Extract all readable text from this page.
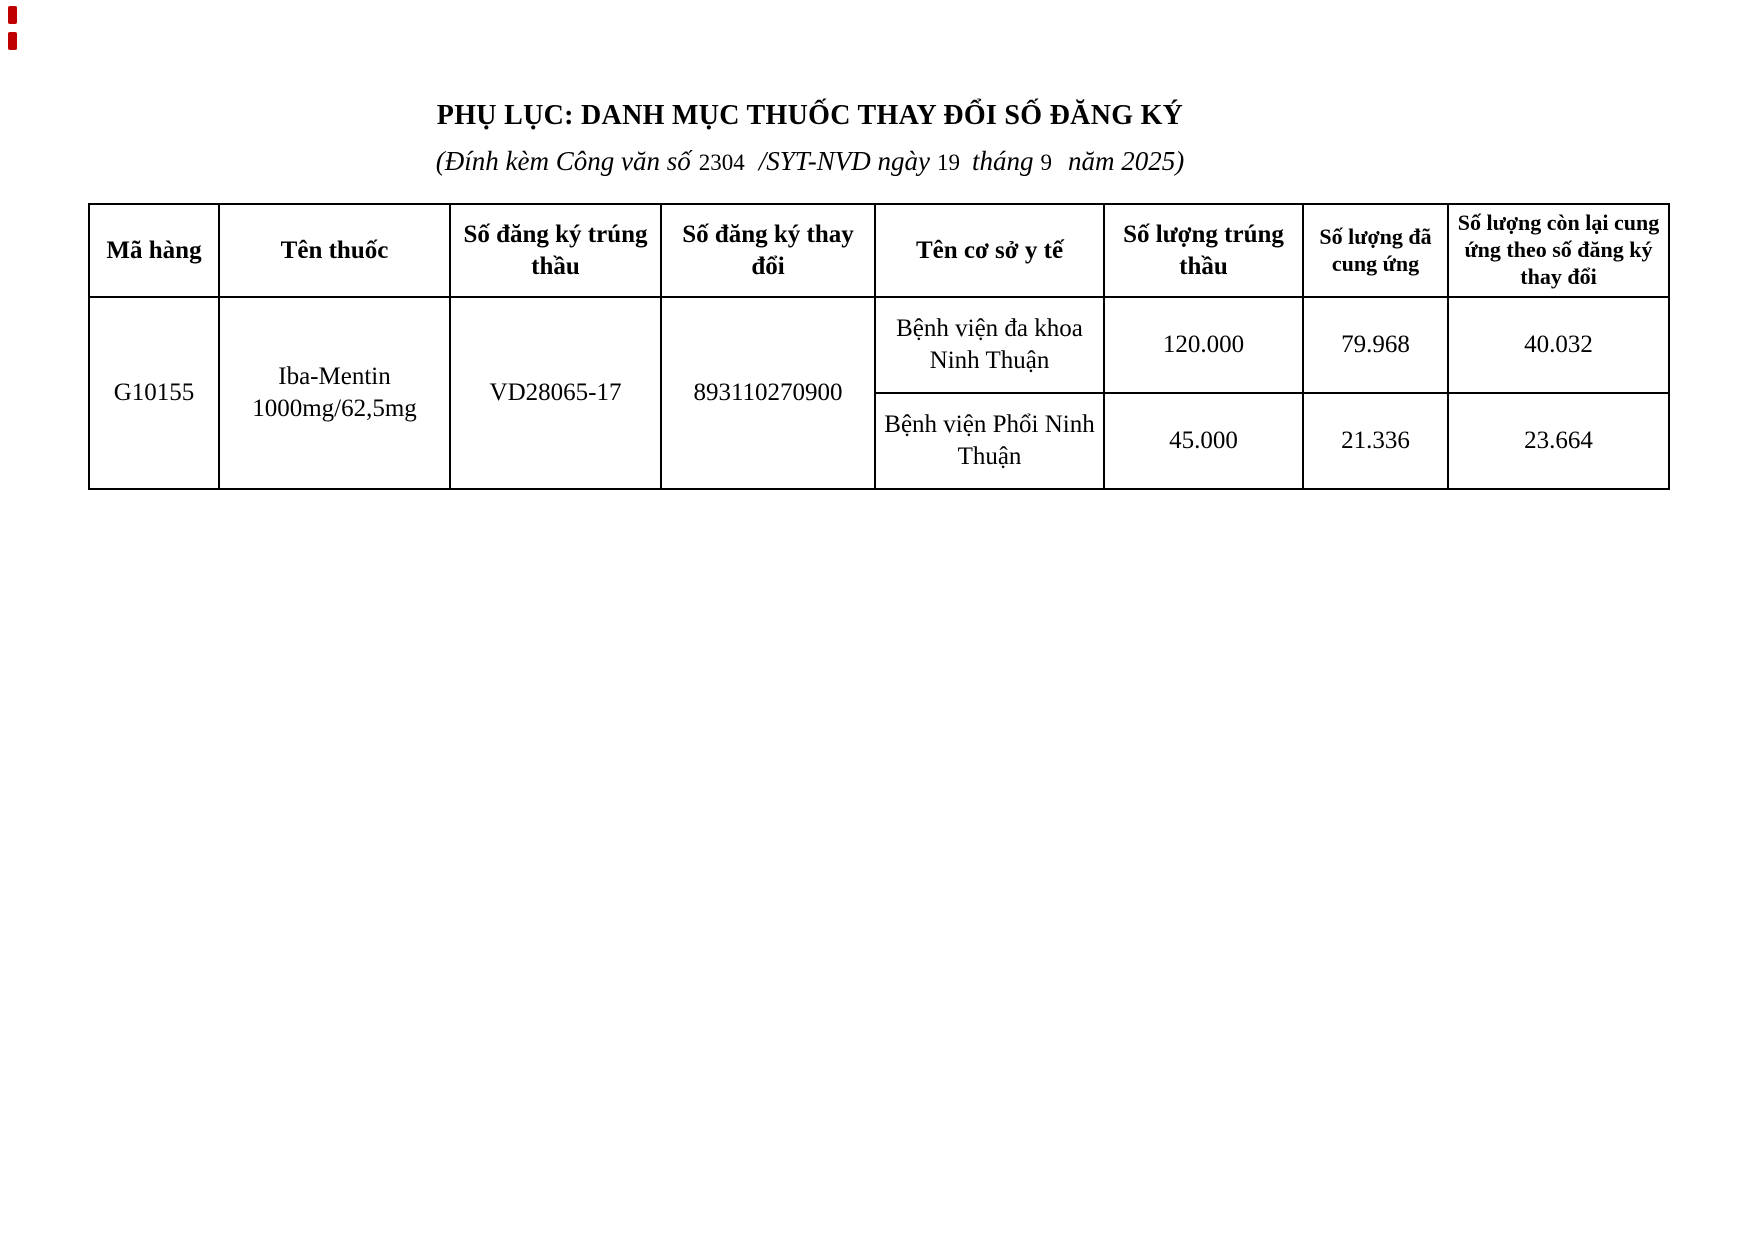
PHỤ LỤC: DANH MỤC THUỐC THAY ĐỔI SỐ ĐĂNG KÝ
(Đính kèm Công văn số 2304 /SYT-NVD ngày 19 tháng 9 năm 2025)
Mã hàng	Tên thuốc	Số đăng ký trúng thầu	Số đăng ký thay đổi	Tên cơ sở y tế	Số lượng trúng thầu	Số lượng đã cung ứng	Số lượng còn lại cung ứng theo số đăng ký thay đổi
G10155	Iba-Mentin 1000mg/62,5mg	VD28065-17	893110270900	Bệnh viện đa khoa Ninh Thuận	120.000	79.968	40.032
				Bệnh viện Phổi Ninh Thuận	45.000	21.336	23.664
